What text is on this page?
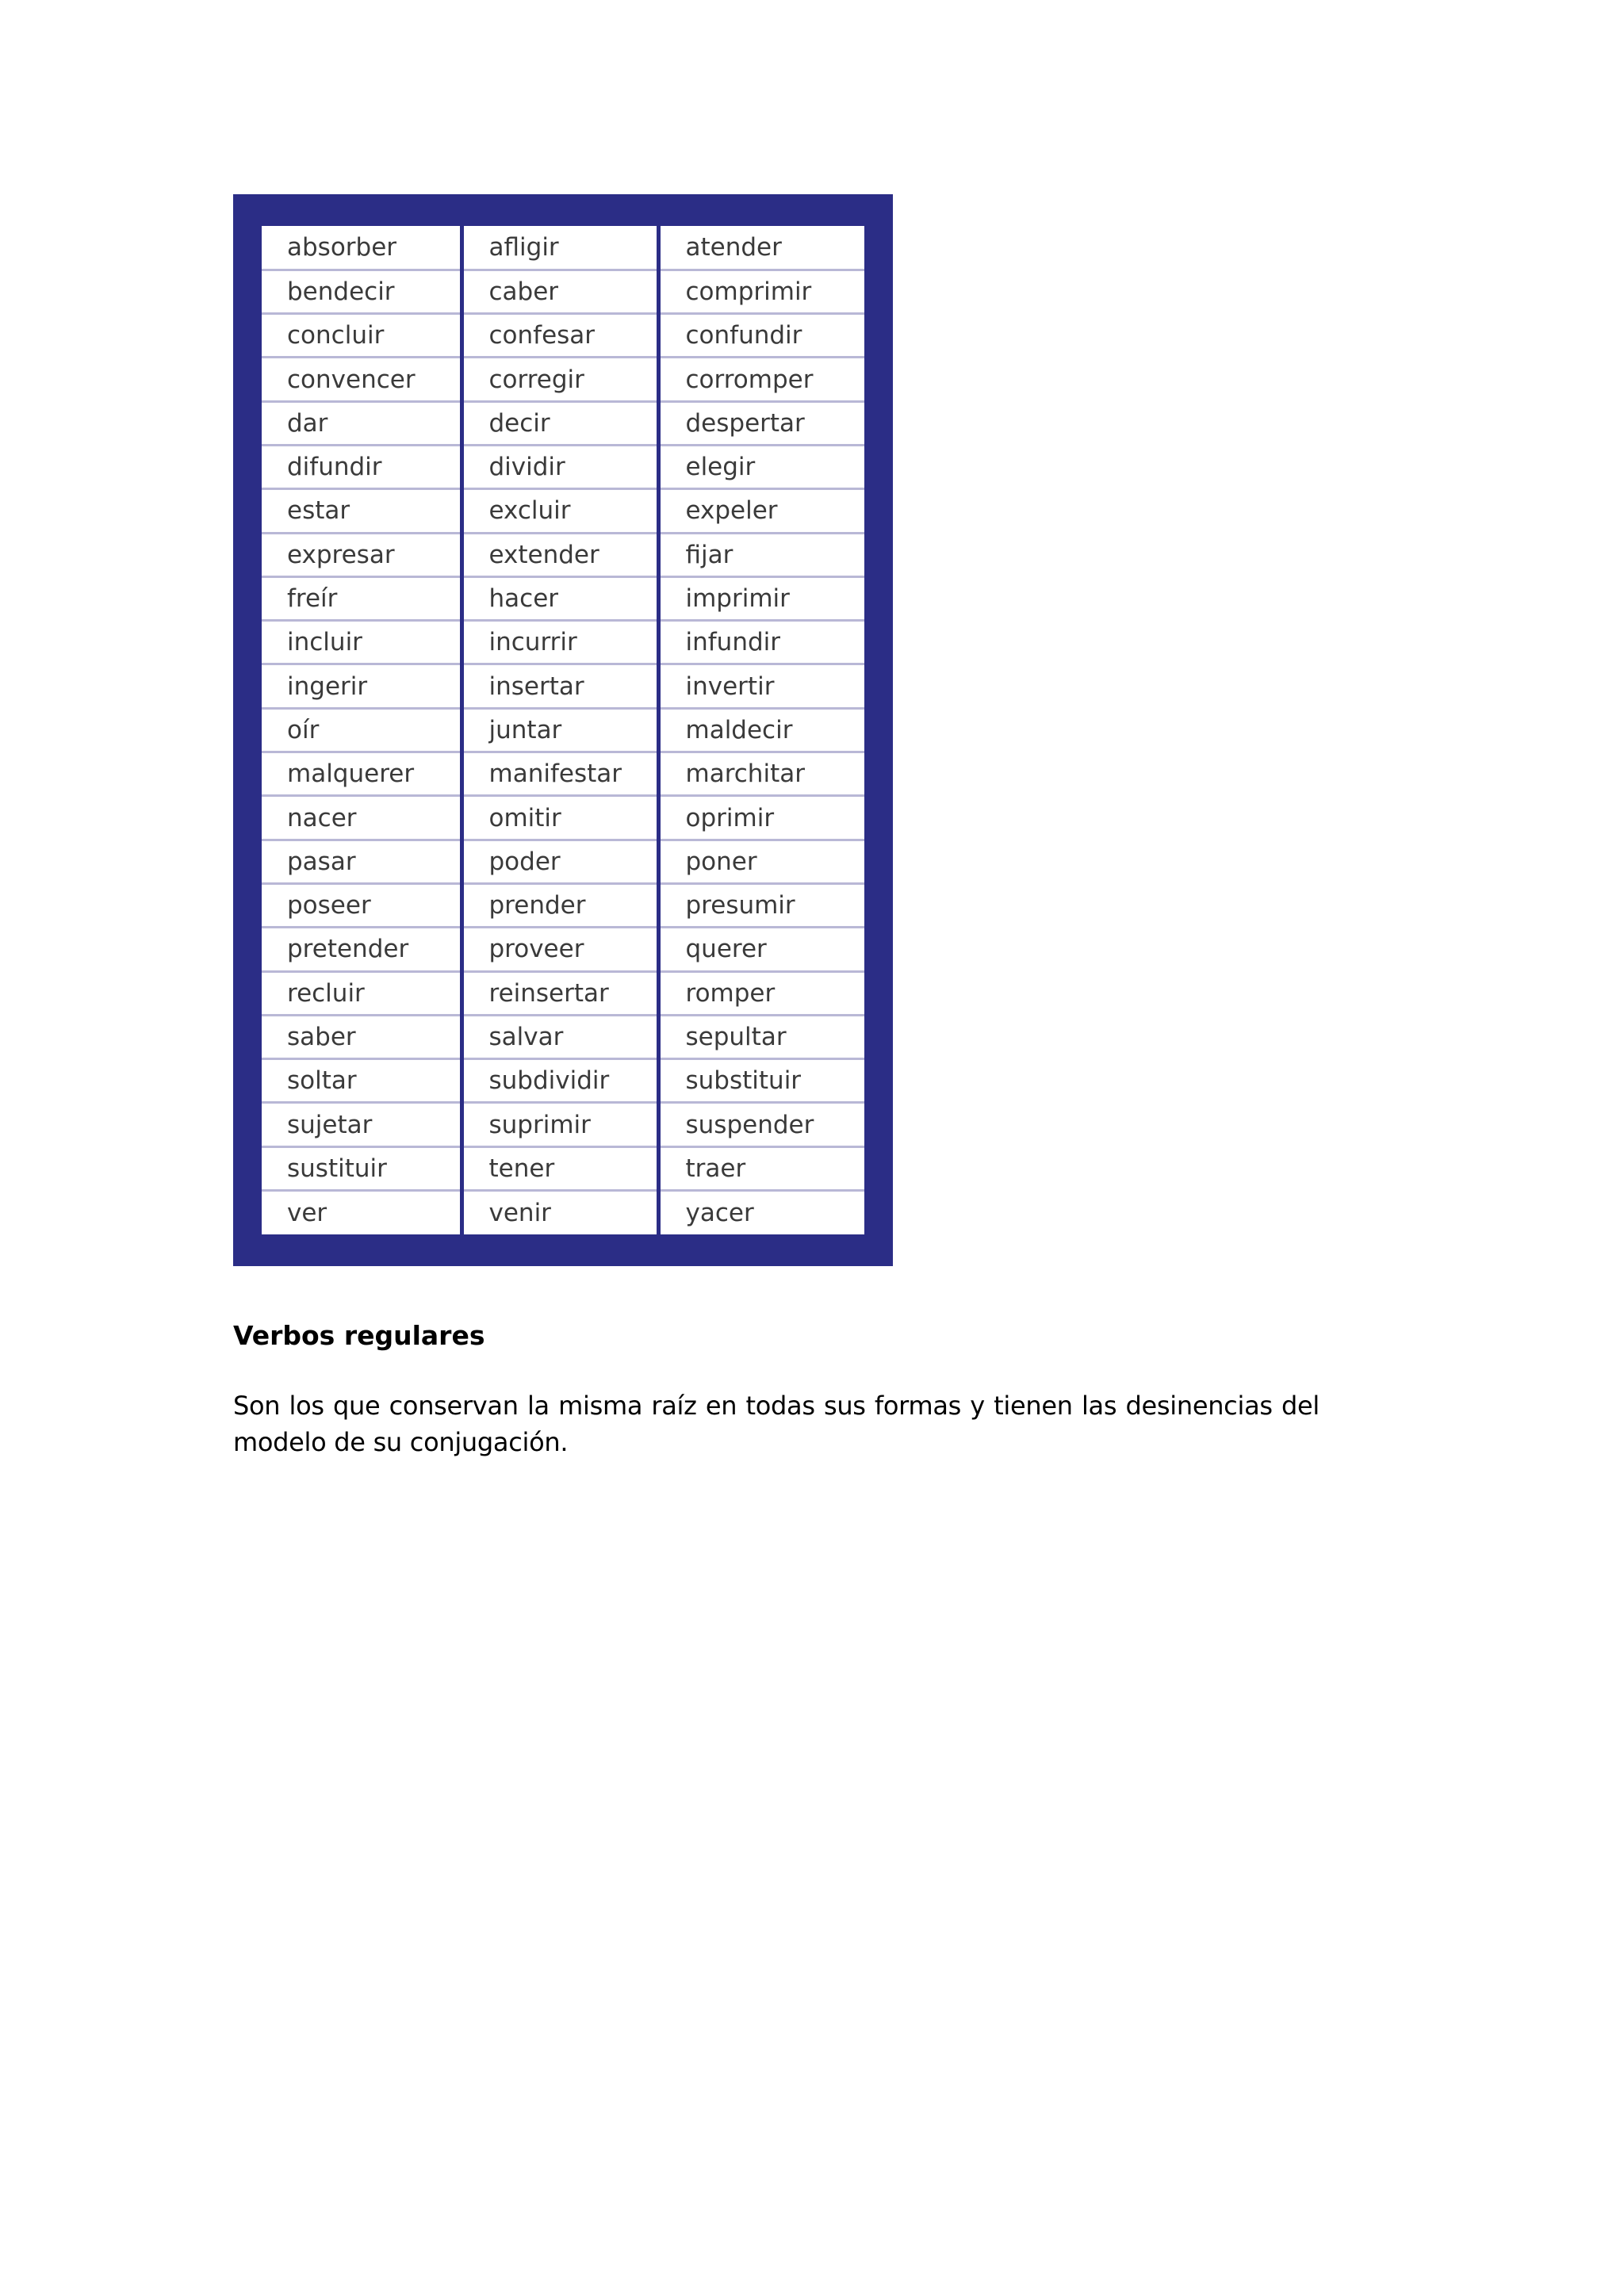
absorber	afligir	atender
bendecir	caber	comprimir
concluir	confesar	confundir
convencer	corregir	corromper
dar	decir	despertar
difundir	dividir	elegir
estar	excluir	expeler
expresar	extender	fijar
freír	hacer	imprimir
incluir	incurrir	infundir
ingerir	insertar	invertir
oír	juntar	maldecir
malquerer	manifestar	marchitar
nacer	omitir	oprimir
pasar	poder	poner
poseer	prender	presumir
pretender	proveer	querer
recluir	reinsertar	romper
saber	salvar	sepultar
soltar	subdividir	substituir
sujetar	suprimir	suspender
sustituir	tener	traer
ver	venir	yacer
Verbos regulares

Son los que conservan la misma raíz en todas sus formas y tienen las desinencias del modelo de su conjugación.
